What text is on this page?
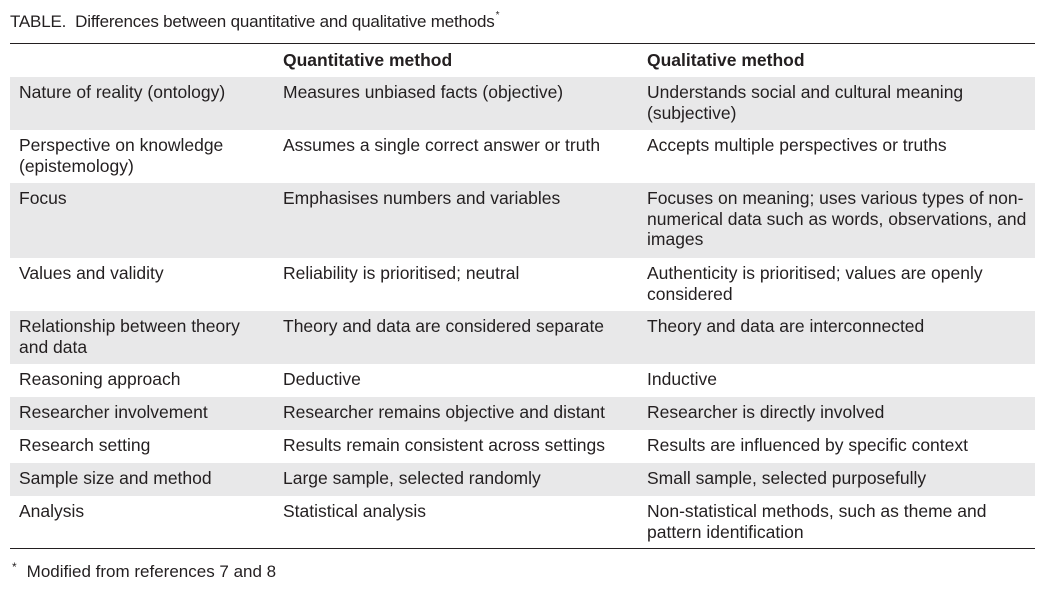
TABLE. Differences between quantitative and qualitative methods*
	Quantitative method	Qualitative method
Nature of reality (ontology)	Measures unbiased facts (objective)	Understands social and cultural meaning (subjective)
Perspective on knowledge (epistemology)	Assumes a single correct answer or truth	Accepts multiple perspectives or truths
Focus	Emphasises numbers and variables	Focuses on meaning; uses various types of non-numerical data such as words, observations, and images
Values and validity	Reliability is prioritised; neutral	Authenticity is prioritised; values are openly considered
Relationship between theory and data	Theory and data are considered separate	Theory and data are interconnected
Reasoning approach	Deductive	Inductive
Researcher involvement	Researcher remains objective and distant	Researcher is directly involved
Research setting	Results remain consistent across settings	Results are influenced by specific context
Sample size and method	Large sample, selected randomly	Small sample, selected purposefully
Analysis	Statistical analysis	Non-statistical methods, such as theme and pattern identification
* Modified from references 7 and 8
